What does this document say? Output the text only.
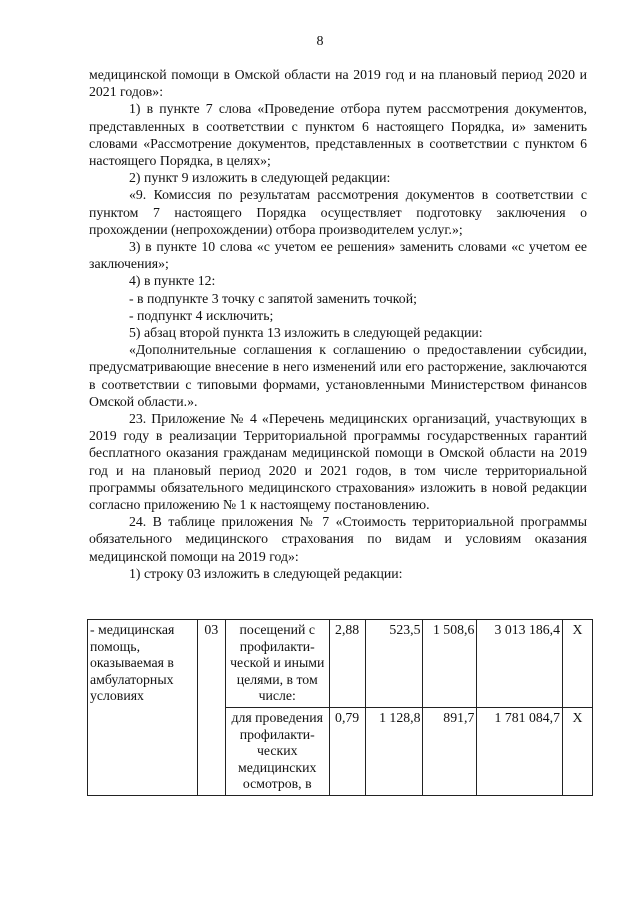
8

медицинской помощи в Омской области на 2019 год и на плановый период 2020 и 2021 годов»:

1) в пункте 7 слова «Проведение отбора путем рассмотрения документов, представленных в соответствии с пунктом 6 настоящего Порядка, и» заменить словами «Рассмотрение документов, представленных в соответствии с пунктом 6 настоящего Порядка, в целях»;

2) пункт 9 изложить в следующей редакции:

«9. Комиссия по результатам рассмотрения документов в соответствии с пунктом 7 настоящего Порядка осуществляет подготовку заключения о прохождении (непрохождении) отбора производителем услуг.»;

3) в пункте 10 слова «с учетом ее решения» заменить словами «с учетом ее заключения»;

4) в пункте 12:

- в подпункте 3 точку с запятой заменить точкой;

- подпункт 4 исключить;

5) абзац второй пункта 13 изложить в следующей редакции:

«Дополнительные соглашения к соглашению о предоставлении субсидии, предусматривающие внесение в него изменений или его расторжение, заключаются в соответствии с типовыми формами, установленными Министерством финансов Омской области.».

23. Приложение № 4 «Перечень медицинских организаций, участвующих в 2019 году в реализации Территориальной программы государственных гарантий бесплатного оказания гражданам медицинской помощи в Омской области на 2019 год и на плановый период 2020 и 2021 годов, в том числе территориальной программы обязательного медицинского страхования» изложить в новой редакции согласно приложению № 1 к настоящему постановлению.

24. В таблице приложения № 7 «Стоимость территориальной программы обязательного медицинского страхования по видам и условиям оказания медицинской помощи на 2019 год»:

1) строку 03 изложить в следующей редакции:

- медицинская помощь, оказываемая в амбулаторных условиях	03	посещений с профилакти-ческой и иными целями, в том числе:	2,88	523,5	1 508,6	3 013 186,4	X
		для проведения профилакти-ческих медицинских осмотров, в	0,79	1 128,8	891,7	1 781 084,7	X
